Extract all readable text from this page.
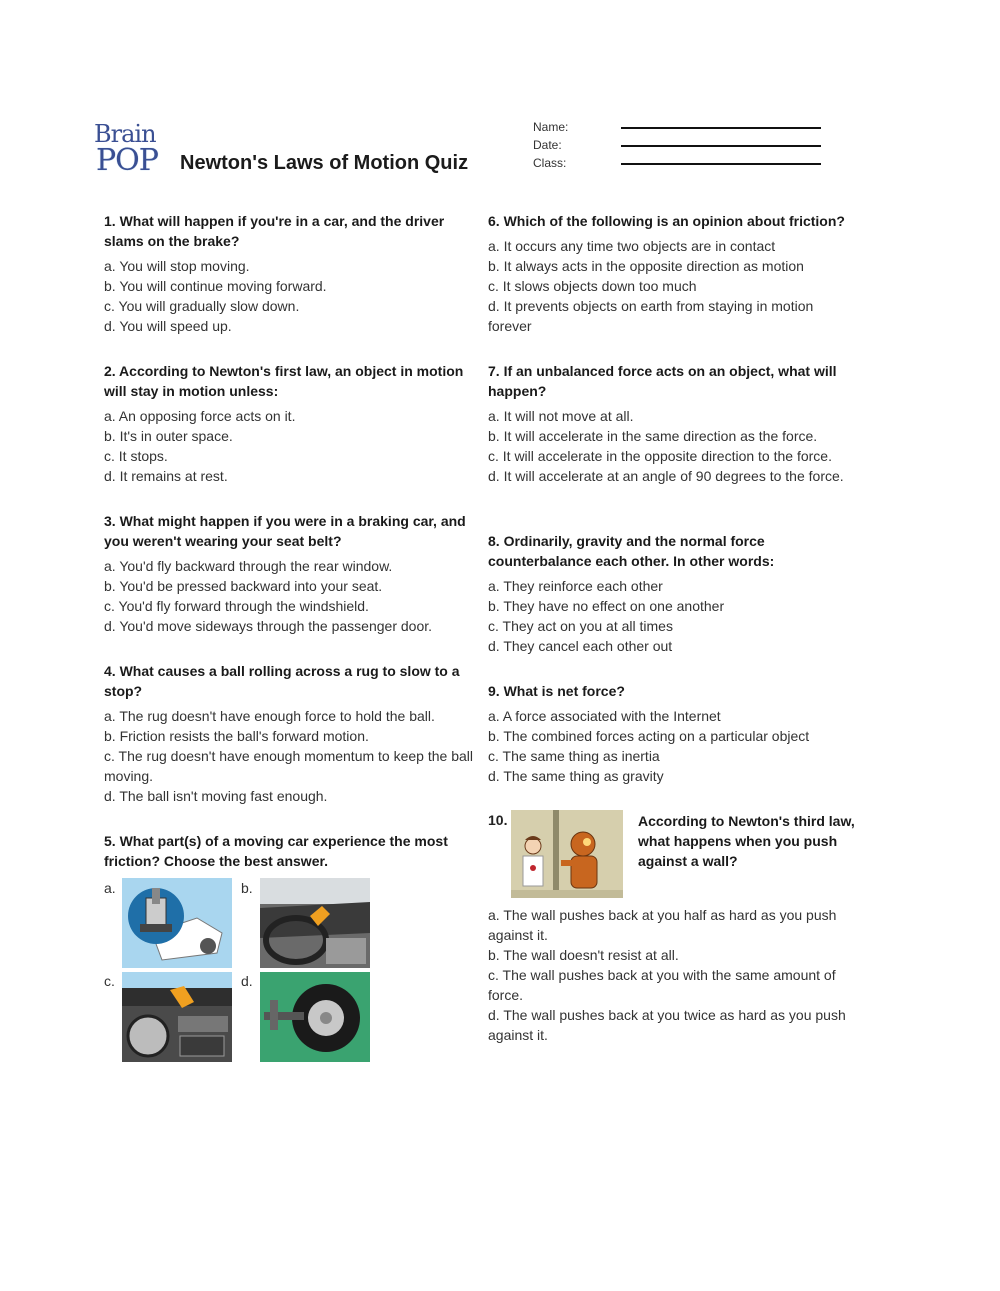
Brain
POP Newton's Laws of Motion Quiz
Name:
Date:
Class:
1. What will happen if you're in a car, and the driver slams on the brake?
a. You will stop moving.
b. You will continue moving forward.
c. You will gradually slow down.
d. You will speed up.
2. According to Newton's first law, an object in motion will stay in motion unless:
a. An opposing force acts on it.
b. It's in outer space.
c. It stops.
d. It remains at rest.
3. What might happen if you were in a braking car, and you weren't wearing your seat belt?
a. You'd fly backward through the rear window.
b. You'd be pressed backward into your seat.
c. You'd fly forward through the windshield.
d. You'd move sideways through the passenger door.
4. What causes a ball rolling across a rug to slow to a stop?
a. The rug doesn't have enough force to hold the ball.
b. Friction resists the ball's forward motion.
c. The rug doesn't have enough momentum to keep the ball moving.
d. The ball isn't moving fast enough.
5. What part(s) of a moving car experience the most friction? Choose the best answer.
a.	b.
c.	d.
6. Which of the following is an opinion about friction?
a. It occurs any time two objects are in contact
b. It always acts in the opposite direction as motion
c. It slows objects down too much
d. It prevents objects on earth from staying in motion forever
7. If an unbalanced force acts on an object, what will happen?
a. It will not move at all.
b. It will accelerate in the same direction as the force.
c. It will accelerate in the opposite direction to the force.
d. It will accelerate at an angle of 90 degrees to the force.
8. Ordinarily, gravity and the normal force counterbalance each other. In other words:
a. They reinforce each other
b. They have no effect on one another
c. They act on you at all times
d. They cancel each other out
9. What is net force?
a. A force associated with the Internet
b. The combined forces acting on a particular object
c. The same thing as inertia
d. The same thing as gravity
10.	According to Newton's third law, what happens when you push against a wall?
a. The wall pushes back at you half as hard as you push against it.
b. The wall doesn't resist at all.
c. The wall pushes back at you with the same amount of force.
d. The wall pushes back at you twice as hard as you push against it.
